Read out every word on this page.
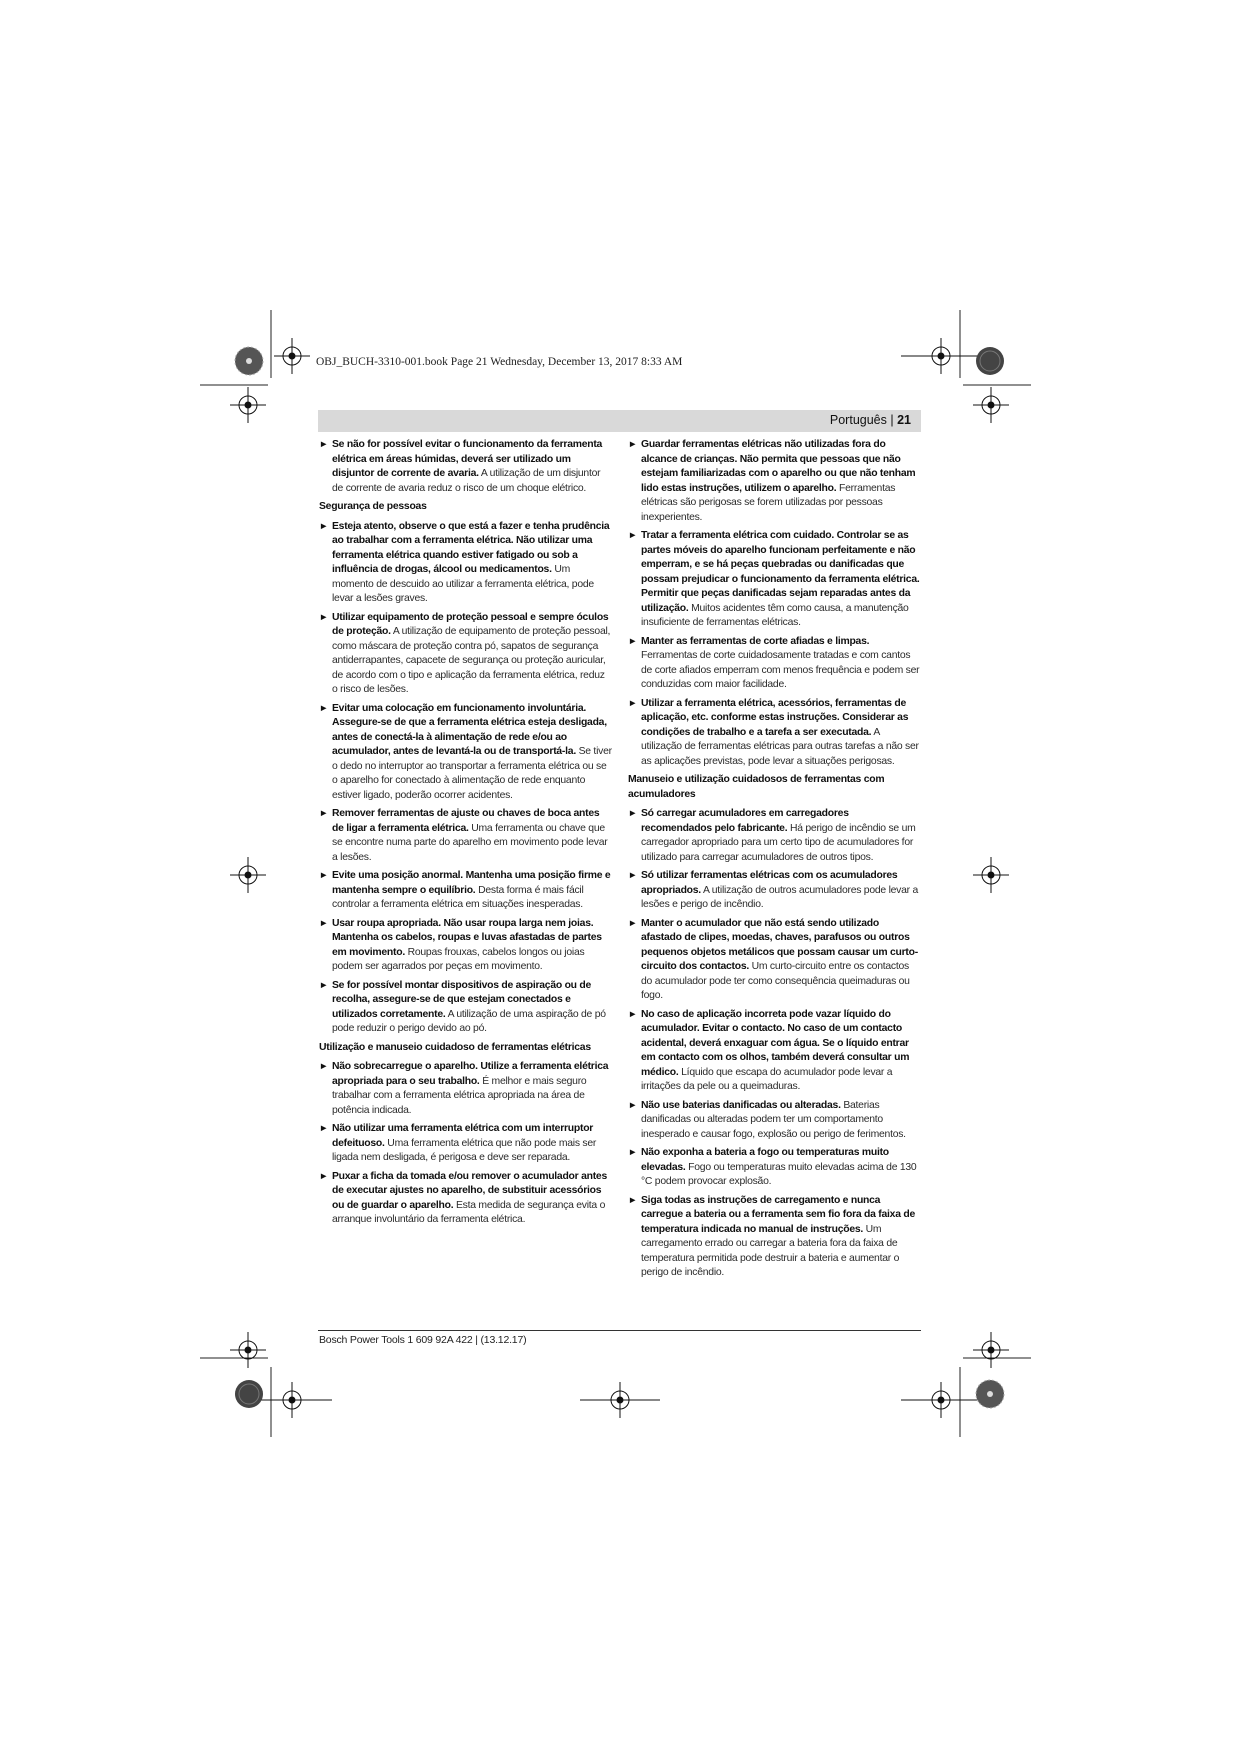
OBJ_BUCH-3310-001.book Page 21 Wednesday, December 13, 2017 8:33 AM
Português | 21
► Se não for possível evitar o funcionamento da ferramenta elétrica em áreas húmidas, deverá ser utilizado um disjuntor de corrente de avaria. A utilização de um disjuntor de corrente de avaria reduz o risco de um choque elétrico.
Segurança de pessoas
► Esteja atento, observe o que está a fazer e tenha prudência ao trabalhar com a ferramenta elétrica. Não utilizar uma ferramenta elétrica quando estiver fatigado ou sob a influência de drogas, álcool ou medicamentos. Um momento de descuido ao utilizar a ferramenta elétrica, pode levar a lesões graves.
► Utilizar equipamento de proteção pessoal e sempre óculos de proteção. A utilização de equipamento de proteção pessoal, como máscara de proteção contra pó, sapatos de segurança antiderrapantes, capacete de segurança ou proteção auricular, de acordo com o tipo e aplicação da ferramenta elétrica, reduz o risco de lesões.
► Evitar uma colocação em funcionamento involuntária. Assegure-se de que a ferramenta elétrica esteja desligada, antes de conectá-la à alimentação de rede e/ou ao acumulador, antes de levantá-la ou de transportá-la. Se tiver o dedo no interruptor ao transportar a ferramenta elétrica ou se o aparelho for conectado à alimentação de rede enquanto estiver ligado, poderão ocorrer acidentes.
► Remover ferramentas de ajuste ou chaves de boca antes de ligar a ferramenta elétrica. Uma ferramenta ou chave que se encontre numa parte do aparelho em movimento pode levar a lesões.
► Evite uma posição anormal. Mantenha uma posição firme e mantenha sempre o equilíbrio. Desta forma é mais fácil controlar a ferramenta elétrica em situações inesperadas.
► Usar roupa apropriada. Não usar roupa larga nem joias. Mantenha os cabelos, roupas e luvas afastadas de partes em movimento. Roupas frouxas, cabelos longos ou joias podem ser agarrados por peças em movimento.
► Se for possível montar dispositivos de aspiração ou de recolha, assegure-se de que estejam conectados e utilizados corretamente. A utilização de uma aspiração de pó pode reduzir o perigo devido ao pó.
Utilização e manuseio cuidadoso de ferramentas elétricas
► Não sobrecarregue o aparelho. Utilize a ferramenta elétrica apropriada para o seu trabalho. É melhor e mais seguro trabalhar com a ferramenta elétrica apropriada na área de potência indicada.
► Não utilizar uma ferramenta elétrica com um interruptor defeituoso. Uma ferramenta elétrica que não pode mais ser ligada nem desligada, é perigosa e deve ser reparada.
► Puxar a ficha da tomada e/ou remover o acumulador antes de executar ajustes no aparelho, de substituir acessórios ou de guardar o aparelho. Esta medida de segurança evita o arranque involuntário da ferramenta elétrica.
► Guardar ferramentas elétricas não utilizadas fora do alcance de crianças. Não permita que pessoas que não estejam familiarizadas com o aparelho ou que não tenham lido estas instruções, utilizem o aparelho. Ferramentas elétricas são perigosas se forem utilizadas por pessoas inexperientes.
► Tratar a ferramenta elétrica com cuidado. Controlar se as partes móveis do aparelho funcionam perfeitamente e não emperram, e se há peças quebradas ou danificadas que possam prejudicar o funcionamento da ferramenta elétrica. Permitir que peças danificadas sejam reparadas antes da utilização. Muitos acidentes têm como causa, a manutenção insuficiente de ferramentas elétricas.
► Manter as ferramentas de corte afiadas e limpas. Ferramentas de corte cuidadosamente tratadas e com cantos de corte afiados emperram com menos frequência e podem ser conduzidas com maior facilidade.
► Utilizar a ferramenta elétrica, acessórios, ferramentas de aplicação, etc. conforme estas instruções. Considerar as condições de trabalho e a tarefa a ser executada. A utilização de ferramentas elétricas para outras tarefas a não ser as aplicações previstas, pode levar a situações perigosas.
Manuseio e utilização cuidadosos de ferramentas com acumuladores
► Só carregar acumuladores em carregadores recomendados pelo fabricante. Há perigo de incêndio se um carregador apropriado para um certo tipo de acumuladores for utilizado para carregar acumuladores de outros tipos.
► Só utilizar ferramentas elétricas com os acumuladores apropriados. A utilização de outros acumuladores pode levar a lesões e perigo de incêndio.
► Manter o acumulador que não está sendo utilizado afastado de clipes, moedas, chaves, parafusos ou outros pequenos objetos metálicos que possam causar um curto-circuito dos contactos. Um curto-circuito entre os contactos do acumulador pode ter como consequência queimaduras ou fogo.
► No caso de aplicação incorreta pode vazar líquido do acumulador. Evitar o contacto. No caso de um contacto acidental, deverá enxaguar com água. Se o líquido entrar em contacto com os olhos, também deverá consultar um médico. Líquido que escapa do acumulador pode levar a irritações da pele ou a queimaduras.
► Não use baterias danificadas ou alteradas. Baterias danificadas ou alteradas podem ter um comportamento inesperado e causar fogo, explosão ou perigo de ferimentos.
► Não exponha a bateria a fogo ou temperaturas muito elevadas. Fogo ou temperaturas muito elevadas acima de 130 °C podem provocar explosão.
► Siga todas as instruções de carregamento e nunca carregue a bateria ou a ferramenta sem fio fora da faixa de temperatura indicada no manual de instruções. Um carregamento errado ou carregar a bateria fora da faixa de temperatura permitida pode destruir a bateria e aumentar o perigo de incêndio.
Bosch Power Tools 1 609 92A 422 | (13.12.17)
